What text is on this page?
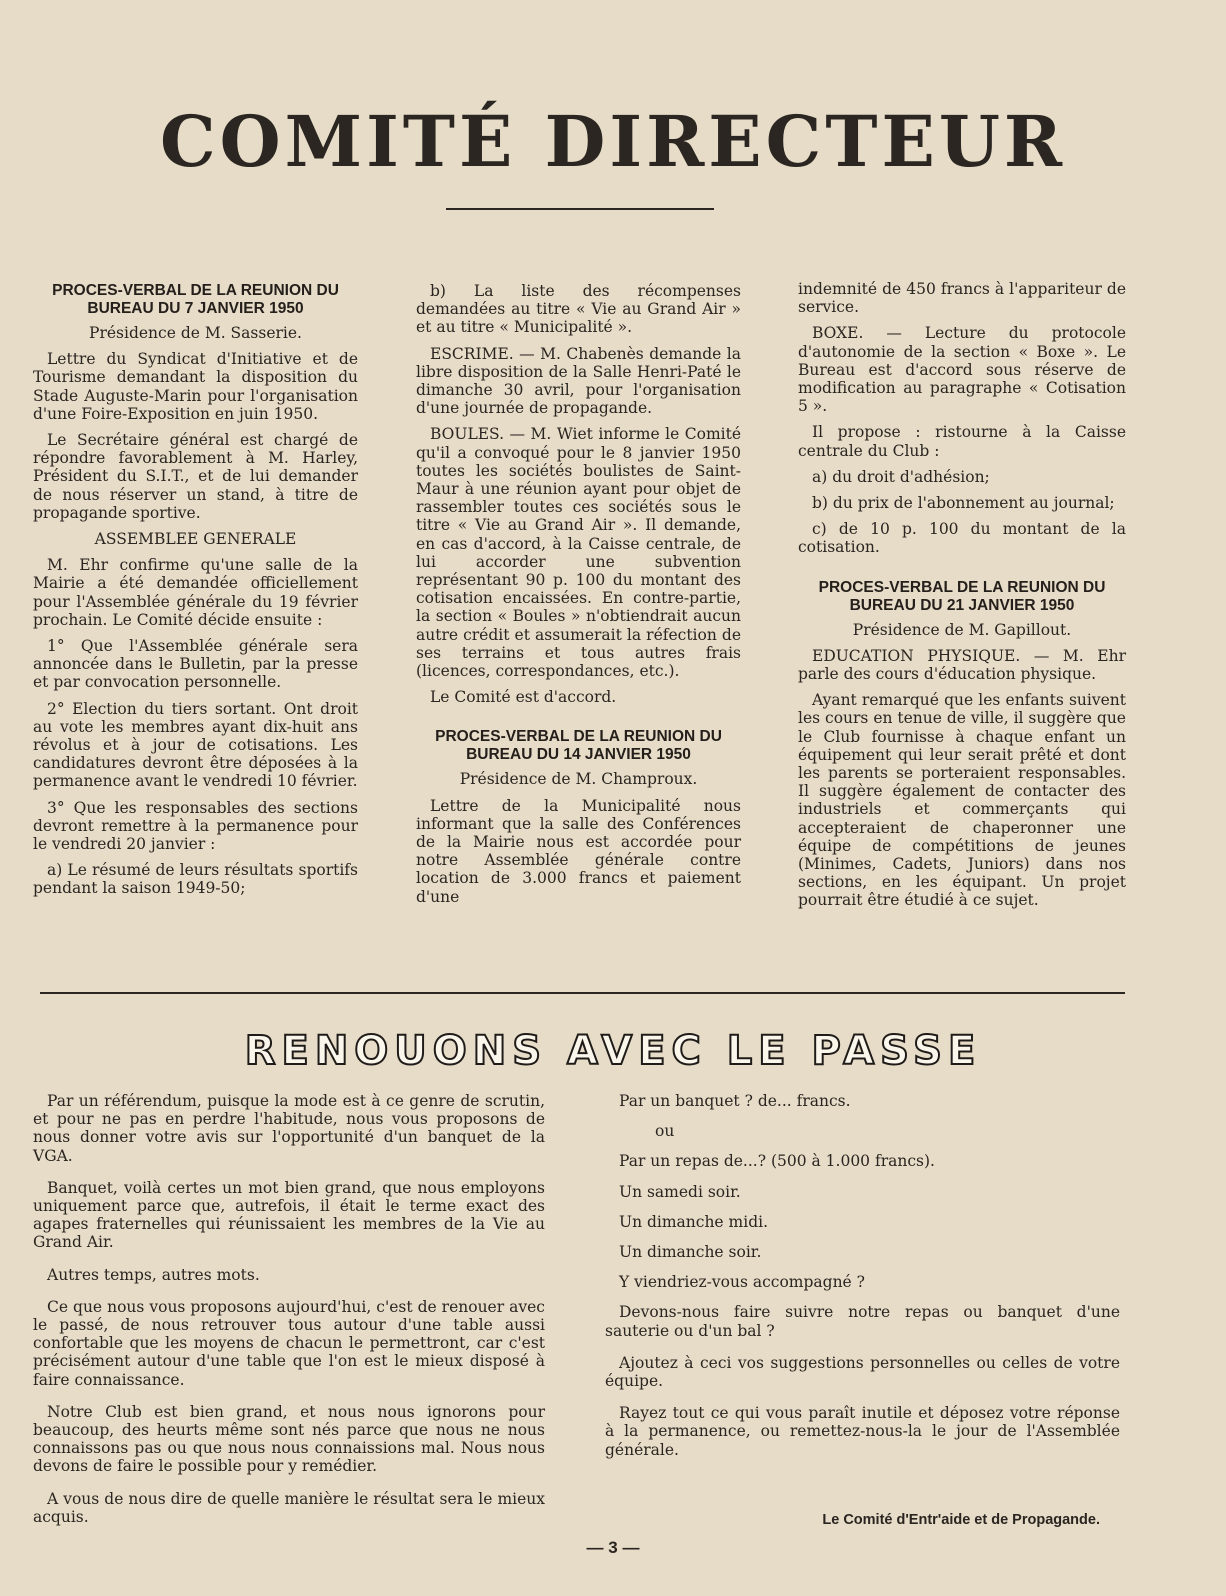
COMITÉ DIRECTEUR
PROCES-VERBAL DE LA REUNION DU BUREAU DU 7 JANVIER 1950

Présidence de M. Sasserie.

Lettre du Syndicat d'Initiative et de Tourisme demandant la disposition du Stade Auguste-Marin pour l'organisation d'une Foire-Exposition en juin 1950.

Le Secrétaire général est chargé de répondre favorablement à M. Harley, Président du S.I.T., et de lui demander de nous réserver un stand, à titre de propagande sportive.

ASSEMBLEE GENERALE

M. Ehr confirme qu'une salle de la Mairie a été demandée officiellement pour l'Assemblée générale du 19 février prochain. Le Comité décide ensuite :

1° Que l'Assemblée générale sera annoncée dans le Bulletin, par la presse et par convocation personnelle.

2° Election du tiers sortant. Ont droit au vote les membres ayant dix-huit ans révolus et à jour de cotisations. Les candidatures devront être déposées à la permanence avant le vendredi 10 février.

3° Que les responsables des sections devront remettre à la permanence pour le vendredi 20 janvier :

a) Le résumé de leurs résultats sportifs pendant la saison 1949-50;

b) La liste des récompenses demandées au titre « Vie au Grand Air » et au titre « Municipalité ».

ESCRIME. — M. Chabenès demande la libre disposition de la Salle Henri-Paté le dimanche 30 avril, pour l'organisation d'une journée de propagande.

BOULES. — M. Wiet informe le Comité qu'il a convoqué pour le 8 janvier 1950 toutes les sociétés boulistes de Saint-Maur à une réunion ayant pour objet de rassembler toutes ces sociétés sous le titre « Vie au Grand Air ». Il demande, en cas d'accord, à la Caisse centrale, de lui accorder une subvention représentant 90 p. 100 du montant des cotisation encaissées. En contre-partie, la section « Boules » n'obtiendrait aucun autre crédit et assumerait la réfection de ses terrains et tous autres frais (licences, correspondances, etc.).

Le Comité est d'accord.

PROCES-VERBAL DE LA REUNION DU BUREAU DU 14 JANVIER 1950

Présidence de M. Champroux.

Lettre de la Municipalité nous informant que la salle des Conférences de la Mairie nous est accordée pour notre Assemblée générale contre location de 3.000 francs et paiement d'une

indemnité de 450 francs à l'appariteur de service.

BOXE. — Lecture du protocole d'autonomie de la section « Boxe ». Le Bureau est d'accord sous réserve de modification au paragraphe « Cotisation 5 ».

Il propose : ristourne à la Caisse centrale du Club :

a) du droit d'adhésion;

b) du prix de l'abonnement au journal;

c) de 10 p. 100 du montant de la cotisation.

PROCES-VERBAL DE LA REUNION DU BUREAU DU 21 JANVIER 1950

Présidence de M. Gapillout.

EDUCATION PHYSIQUE. — M. Ehr parle des cours d'éducation physique.

Ayant remarqué que les enfants suivent les cours en tenue de ville, il suggère que le Club fournisse à chaque enfant un équipement qui leur serait prêté et dont les parents se porteraient responsables. Il suggère également de contacter des industriels et commerçants qui accepteraient de chaperonner une équipe de compétitions de jeunes (Minimes, Cadets, Juniors) dans nos sections, en les équipant. Un projet pourrait être étudié à ce sujet.

RENOUONS AVEC LE PASSE

Par un référendum, puisque la mode est à ce genre de scrutin, et pour ne pas en perdre l'habitude, nous vous proposons de nous donner votre avis sur l'opportunité d'un banquet de la VGA.

Banquet, voilà certes un mot bien grand, que nous employons uniquement parce que, autrefois, il était le terme exact des agapes fraternelles qui réunissaient les membres de la Vie au Grand Air.

Autres temps, autres mots.

Ce que nous vous proposons aujourd'hui, c'est de renouer avec le passé, de nous retrouver tous autour d'une table aussi confortable que les moyens de chacun le permettront, car c'est précisément autour d'une table que l'on est le mieux disposé à faire connaissance.

Notre Club est bien grand, et nous nous ignorons pour beaucoup, des heurts même sont nés parce que nous ne nous connaissons pas ou que nous nous connaissions mal. Nous nous devons de faire le possible pour y remédier.

A vous de nous dire de quelle manière le résultat sera le mieux acquis.

Par un banquet ? de... francs.

ou

Par un repas de...? (500 à 1.000 francs).

Un samedi soir.

Un dimanche midi.

Un dimanche soir.

Y viendriez-vous accompagné ?

Devons-nous faire suivre notre repas ou banquet d'une sauterie ou d'un bal ?

Ajoutez à ceci vos suggestions personnelles ou celles de votre équipe.

Rayez tout ce qui vous paraît inutile et déposez votre réponse à la permanence, ou remettez-nous-la le jour de l'Assemblée générale.

Le Comité d'Entr'aide et de Propagande.
— 3 —
